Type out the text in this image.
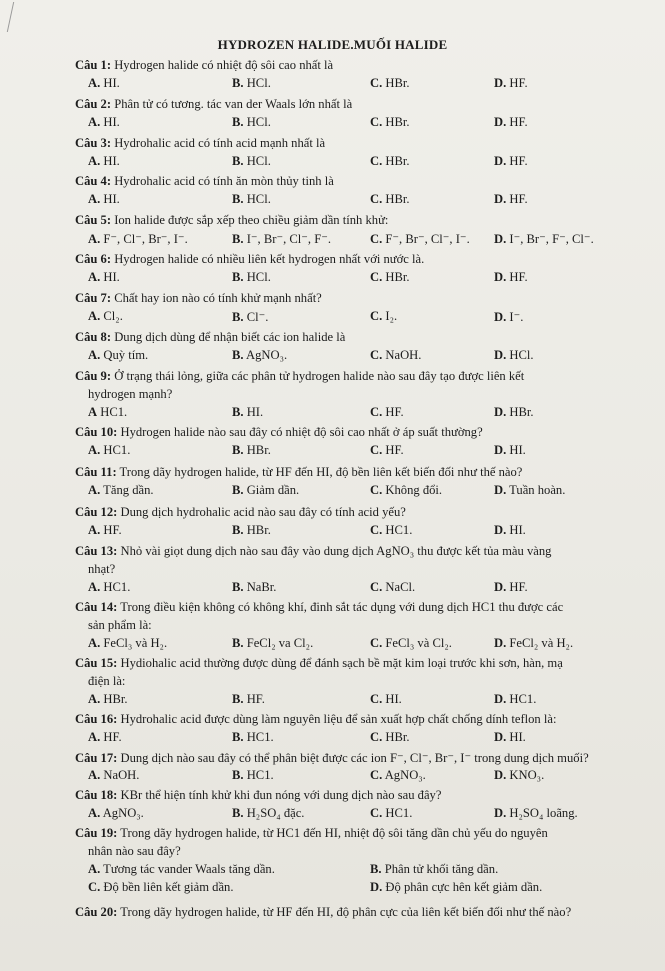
HYDROZEN HALIDE.MUỐI HALIDE
Câu 1: Hydrogen halide có nhiệt độ sôi cao nhất là
A. HI.	B. HCl.	C. HBr.	D. HF.
Câu 2: Phân tử có tương. tác van der Waals lớn nhất là
A. HI.	B. HCl.	C. HBr.	D. HF.
Câu 3: Hydrohalic acid có tính acid mạnh nhất là
A. HI.	B. HCl.	C. HBr.	D. HF.
Câu 4: Hydrohalic acid có tính ăn mòn thủy tinh là
A. HI.	B. HCl.	C. HBr.	D. HF.
Câu 5: Ion halide được sắp xếp theo chiều giảm dần tính khử:
A. F⁻, Cl⁻, Br⁻, I⁻.	B. I⁻, Br⁻, Cl⁻, F⁻.	C. F⁻, Br⁻, Cl⁻, I⁻. D. I⁻, Br⁻, F⁻, Cl⁻.
Câu 6: Hydrogen halide có nhiều liên kết hydrogen nhất với nước là.
A. HI.	B. HCl.	C. HBr.	D. HF.
Câu 7: Chất hay ion nào có tính khử mạnh nhất?
A. Cl₂.	B. Cl⁻.	C. I₂.	D. I⁻.
Câu 8: Dung dịch dùng để nhận biết các ion halide là
A. Quỳ tím.	B. AgNO₃.	C. NaOH.	D. HCl.
Câu 9: Ở trạng thái lỏng, giữa các phân tử hydrogen halide nào sau đây tạo được liên kết
hydrogen mạnh?
A HC1.	B. HI.	C. HF.	D. HBr.
Câu 10: Hydrogen halide nào sau đây có nhiệt độ sôi cao nhất ở áp suất thường?
A. HC1.	B. HBr.	C. HF.	D. HI.
Câu 11: Trong dãy hydrogen halide, từ HF đến HI, độ bền liên kết biến đối như thế nào?
A. Tăng dần.	B. Giảm dần.	C. Không đổi.	D. Tuần hoàn.
Câu 12: Dung dịch hydrohalic acid nào sau đây có tính acid yếu?
A. HF.	B. HBr.	C. HC1.	D. HI.
Câu 13: Nhỏ vài giọt dung dịch nào sau đây vào dung dịch AgNO₃ thu được kết tủa màu vàng
nhạt?
A. HC1.	B. NaBr.	C. NaCl.	D. HF.
Câu 14: Trong điều kiện không có không khí, đinh sắt tác dụng với dung dịch HC1 thu được các
sản phẩm là:
A. FeCl₃ và H₂.	B. FeCl₂ va Cl₂.	C. FeCl₃ và Cl₂.	D. FeCl₂ và H₂.
Câu 15: Hydiohalic acid thường được dùng để đánh sạch bề mặt kim loại trước khi sơn, hàn, mạ
điện là:
A. HBr.	B. HF.	C. HI.	D. HC1.
Câu 16: Hydrohalic acid được dùng làm nguyên liệu để sản xuất hợp chất chống dính teflon là:
A. HF.	B. HC1.	C. HBr.	D. HI.
Câu 17: Dung dịch nào sau đây có thể phân biệt được các ion F⁻, Cl⁻, Br⁻, I⁻ trong dung dịch muối?
A. NaOH.	B. HC1.	C. AgNO₃.	D. KNO₃.
Câu 18: KBr thể hiện tính khử khi đun nóng với dung dịch nào sau đây?
A. AgNO₃.	B. H₂SO₄ đặc.	C. HC1.	D. H₂SO₄ loãng.
Câu 19: Trong dãy hydrogen halide, từ HC1 đến HI, nhiệt độ sôi tăng dần chủ yếu do nguyên
nhân nào sau đây?
A. Tương tác vander Waals tăng dần.	B. Phân tử khối tăng dần.
C. Độ bền liên kết giảm dần.	D. Độ phân cực hên kết giảm dần.
Câu 20: Trong dãy hydrogen halide, từ HF đến HI, độ phân cực của liên kết biến đối như thế nào?
